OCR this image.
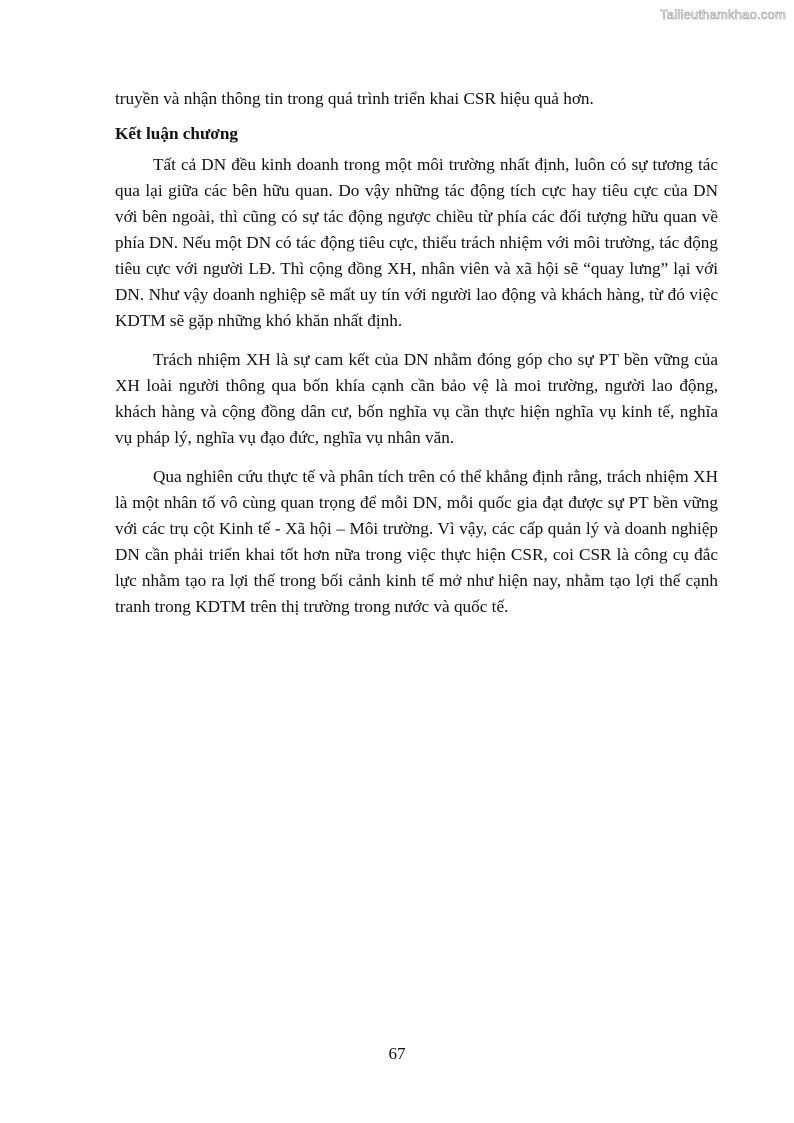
Tailieuthamkhao.com

truyền và nhận thông tin trong quá trình triển khai CSR hiệu quả hơn.

Kết luận chương

Tất cả DN đều kinh doanh trong một môi trường nhất định, luôn có sự tương tác qua lại giữa các bên hữu quan. Do vậy những tác động tích cực hay tiêu cực của DN với bên ngoài, thì cũng có sự tác động ngược chiều từ phía các đối tượng hữu quan về phía DN. Nếu một DN có tác động tiêu cực, thiếu trách nhiệm với môi trường, tác động tiêu cực với người LĐ. Thì cộng đồng XH, nhân viên và xã hội sẽ “quay lưng” lại với DN. Như vậy doanh nghiệp sẽ mất uy tín với người lao động và khách hàng, từ đó việc KDTM sẽ gặp những khó khăn nhất định.

Trách nhiệm XH là sự cam kết của DN nhằm đóng góp cho sự PT bền vững của XH loài người thông qua bốn khía cạnh cần bảo vệ là moi trường, người lao động, khách hàng và cộng đồng dân cư, bốn nghĩa vụ cần thực hiện nghĩa vụ kinh tế, nghĩa vụ pháp lý, nghĩa vụ đạo đức, nghĩa vụ nhân văn.

Qua nghiên cứu thực tế và phân tích trên có thể khẳng định rằng, trách nhiệm XH là một nhân tố vô cùng quan trọng để mỗi DN, mỗi quốc gia đạt được sự PT bền vững với các trụ cột Kinh tế - Xã hội – Môi trường. Vì vậy, các cấp quản lý và doanh nghiệp DN cần phải triển khai tốt hơn nữa trong việc thực hiện CSR, coi CSR là công cụ đắc lực nhằm tạo ra lợi thế trong bối cảnh kinh tế mở như hiện nay, nhằm tạo lợi thế cạnh tranh trong KDTM trên thị trường trong nước và quốc tế.

67
